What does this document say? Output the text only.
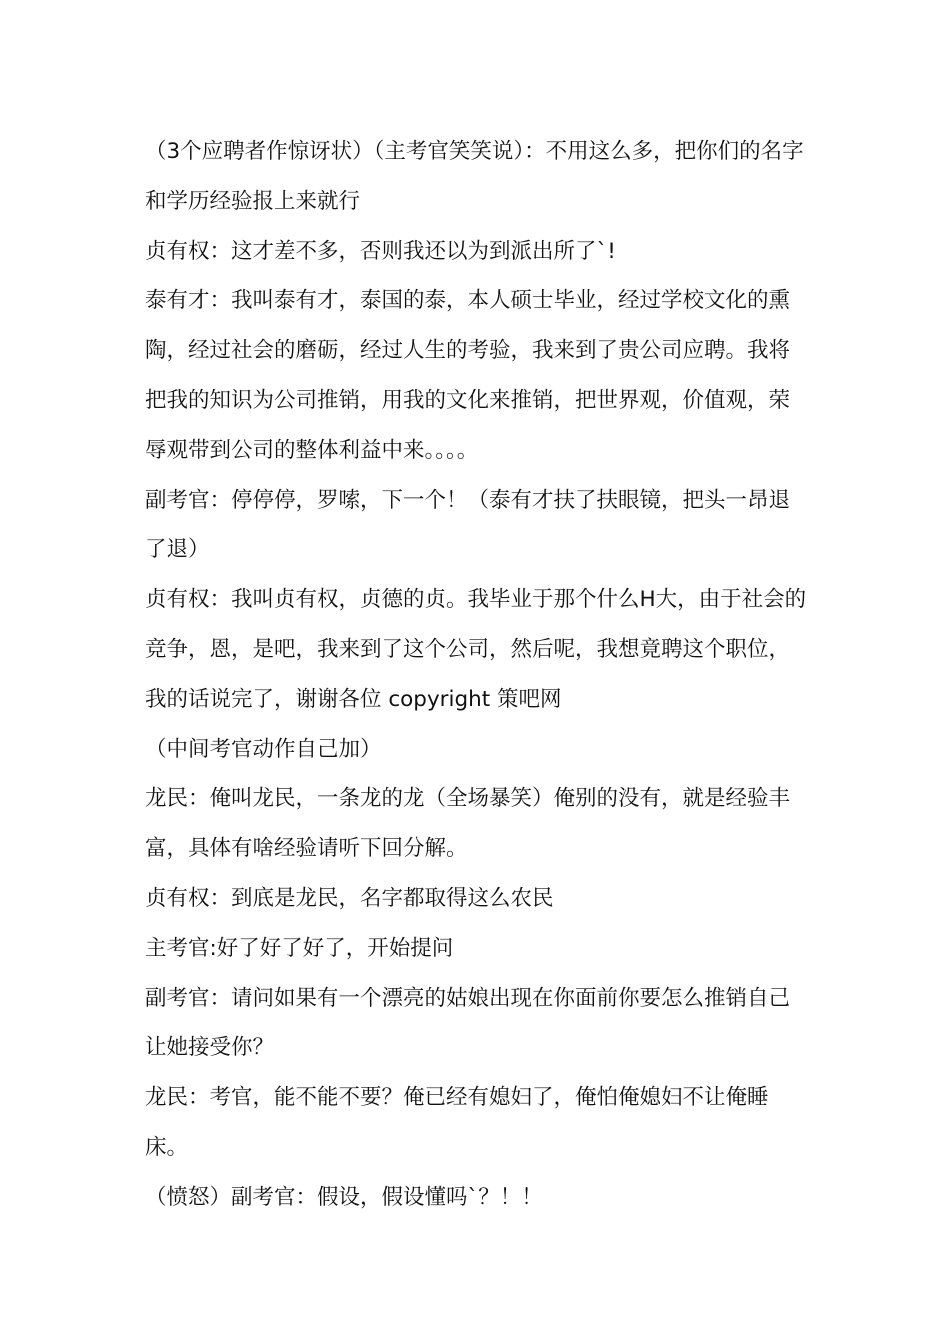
（3个应聘者作惊讶状）（主考官笑笑说）：不用这么多，把你们的名字和学历经验报上来就行

贞有权：这才差不多，否则我还以为到派出所了`!

泰有才：我叫泰有才，泰国的泰，本人硕士毕业，经过学校文化的熏陶，经过社会的磨砺，经过人生的考验，我来到了贵公司应聘。我将把我的知识为公司推销，用我的文化来推销，把世界观，价值观，荣辱观带到公司的整体利益中来。。。。

副考官：停停停，罗嗦，下一个！（泰有才扶了扶眼镜，把头一昂退了退）

贞有权：我叫贞有权，贞德的贞。我毕业于那个什么H大，由于社会的竞争，恩，是吧，我来到了这个公司，然后呢，我想竟聘这个职位，我的话说完了，谢谢各位 copyright 策吧网

（中间考官动作自己加）

龙民：俺叫龙民，一条龙的龙（全场暴笑）俺别的没有，就是经验丰富，具体有啥经验请听下回分解。

贞有权：到底是龙民，名字都取得这么农民

主考官:好了好了好了，开始提问

副考官：请问如果有一个漂亮的姑娘出现在你面前你要怎么推销自己让她接受你？

龙民：考官，能不能不要？俺已经有媳妇了，俺怕俺媳妇不让俺睡床。

（愤怒）副考官：假设，假设懂吗`？！！
